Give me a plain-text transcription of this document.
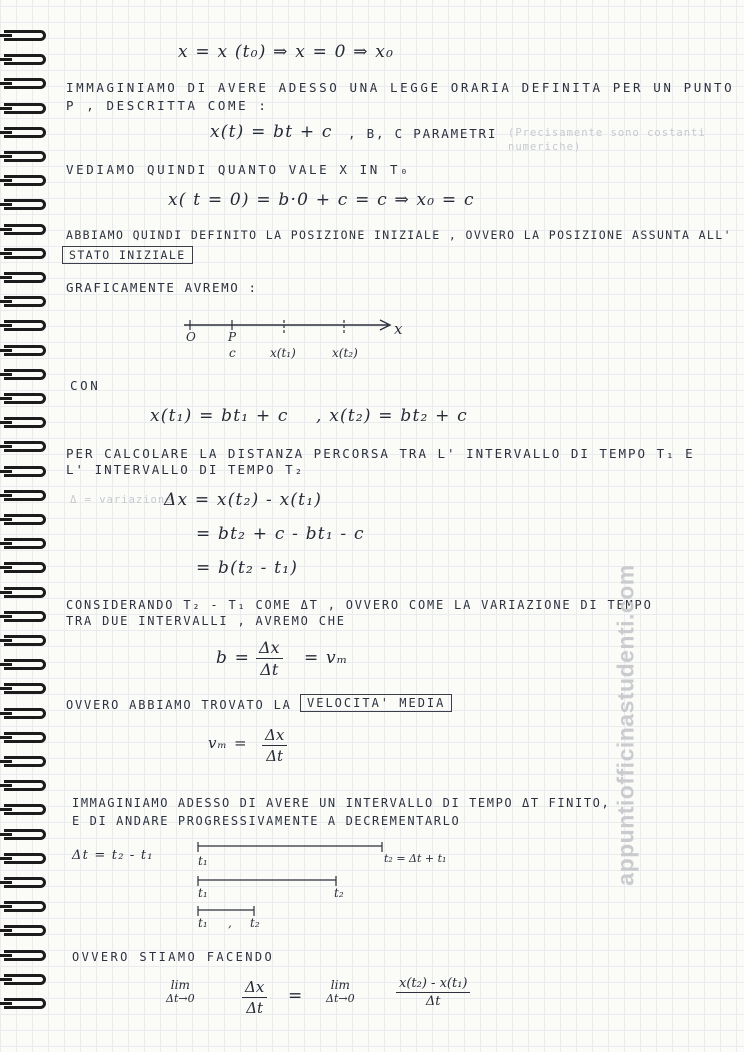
x = x (t₀) ⇒ x = 0 ⇒ x₀
IMMAGINIAMO DI AVERE ADESSO UNA LEGGE ORARIA DEFINITA PER UN PUNTO
P , DESCRITTA COME :
x(t) = bt + c , B, C PARAMETRI (Precisamente sono costanti numeriche)
VEDIAMO QUINDI QUANTO VALE X IN T₀
x( t = 0) = b·0 + c = c ⇒ x₀ = c
ABBIAMO QUINDI DEFINITO LA POSIZIONE INIZIALE , OVVERO LA POSIZIONE ASSUNTA ALL'
STATO INIZIALE
GRAFICAMENTE AVREMO :
x
O	P
c	x(t₁)	x(t₂)
CON
x(t₁) = bt₁ + c , x(t₂) = bt₂ + c
PER CALCOLARE LA DISTANZA PERCORSA TRA L' INTERVALLO DI TEMPO T₁ E
L' INTERVALLO DI TEMPO T₂
Δ = variazione
Δx = x(t₂) - x(t₁)
= bt₂ + c - bt₁ - c
= b(t₂ - t₁)
CONSIDERANDO T₂ - T₁ COME ΔT , OVVERO COME LA VARIAZIONE DI TEMPO
TRA DUE INTERVALLI , AVREMO CHE
$b = \frac{\Delta x}{\Delta t} = v_m$
OVVERO ABBIAMO TROVATO LA	VELOCITA' MEDIA
$v_m = \frac{\Delta x}{\Delta t}$
IMMAGINIAMO ADESSO DI AVERE UN INTERVALLO DI TEMPO ΔT FINITO,
E DI ANDARE PROGRESSIVAMENTE A DECREMENTARLO
Δt = t₂ - t₁	t₁	t₂ = Δt + t₁
t₁	t₂
t₁ , t₂
OVVERO STIAMO FACENDO
lim
Δt→0	$\frac{\Delta x}{\Delta t}$ =
lim
Δt→0	$\frac{\text{x(t₂) - x(t₁)}}{\Delta t}$
appuntiofficinastudenti.com
